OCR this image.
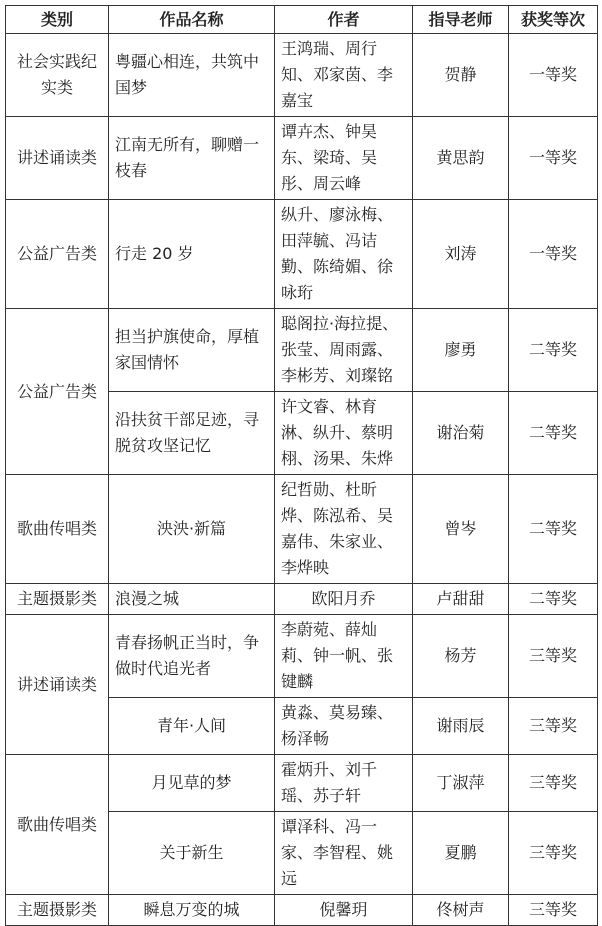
类别	作品名称	作者	指导老师	获奖等次
社会实践纪实类	粤疆心相连，共筑中国梦	王鸿瑞、周行知、邓家茵、李嘉宝	贺静	一等奖
讲述诵读类	江南无所有，聊赠一枝春	谭卉杰、钟昊东、梁琦、吴彤、周云峰	黄思韵	一等奖
公益广告类	行走 20 岁	纵升、廖泳梅、田萍毓、冯诘勤、陈绮媚、徐咏珩	刘涛	一等奖
公益广告类	担当护旗使命，厚植家国情怀	聪阁拉·海拉提、张莹、周雨露、李彬芳、刘璨铭	廖勇	二等奖
	沿扶贫干部足迹，寻脱贫攻坚记忆	许文睿、林育淋、纵升、蔡明栩、汤果、朱烨	谢治菊	二等奖
歌曲传唱类	泱泱·新篇	纪哲勋、杜昕烨、陈泓希、吴 嘉伟、朱家业、李烨映	曾岑	二等奖
主题摄影类	浪漫之城	欧阳月乔	卢甜甜	二等奖
讲述诵读类	青春扬帆正当时，争做时代追光者	李蔚菀、薛灿莉、钟一帆、张键麟	杨芳	三等奖
	青年·人间	黄淼、莫易臻、杨泽畅	谢雨辰	三等奖
歌曲传唱类	月见草的梦	霍炳升、刘千瑶、苏子轩	丁淑萍	三等奖
	关于新生	谭泽科、冯一家、李智程、姚远	夏鹏	三等奖
主题摄影类	瞬息万变的城	倪馨玥	佟树声	三等奖
